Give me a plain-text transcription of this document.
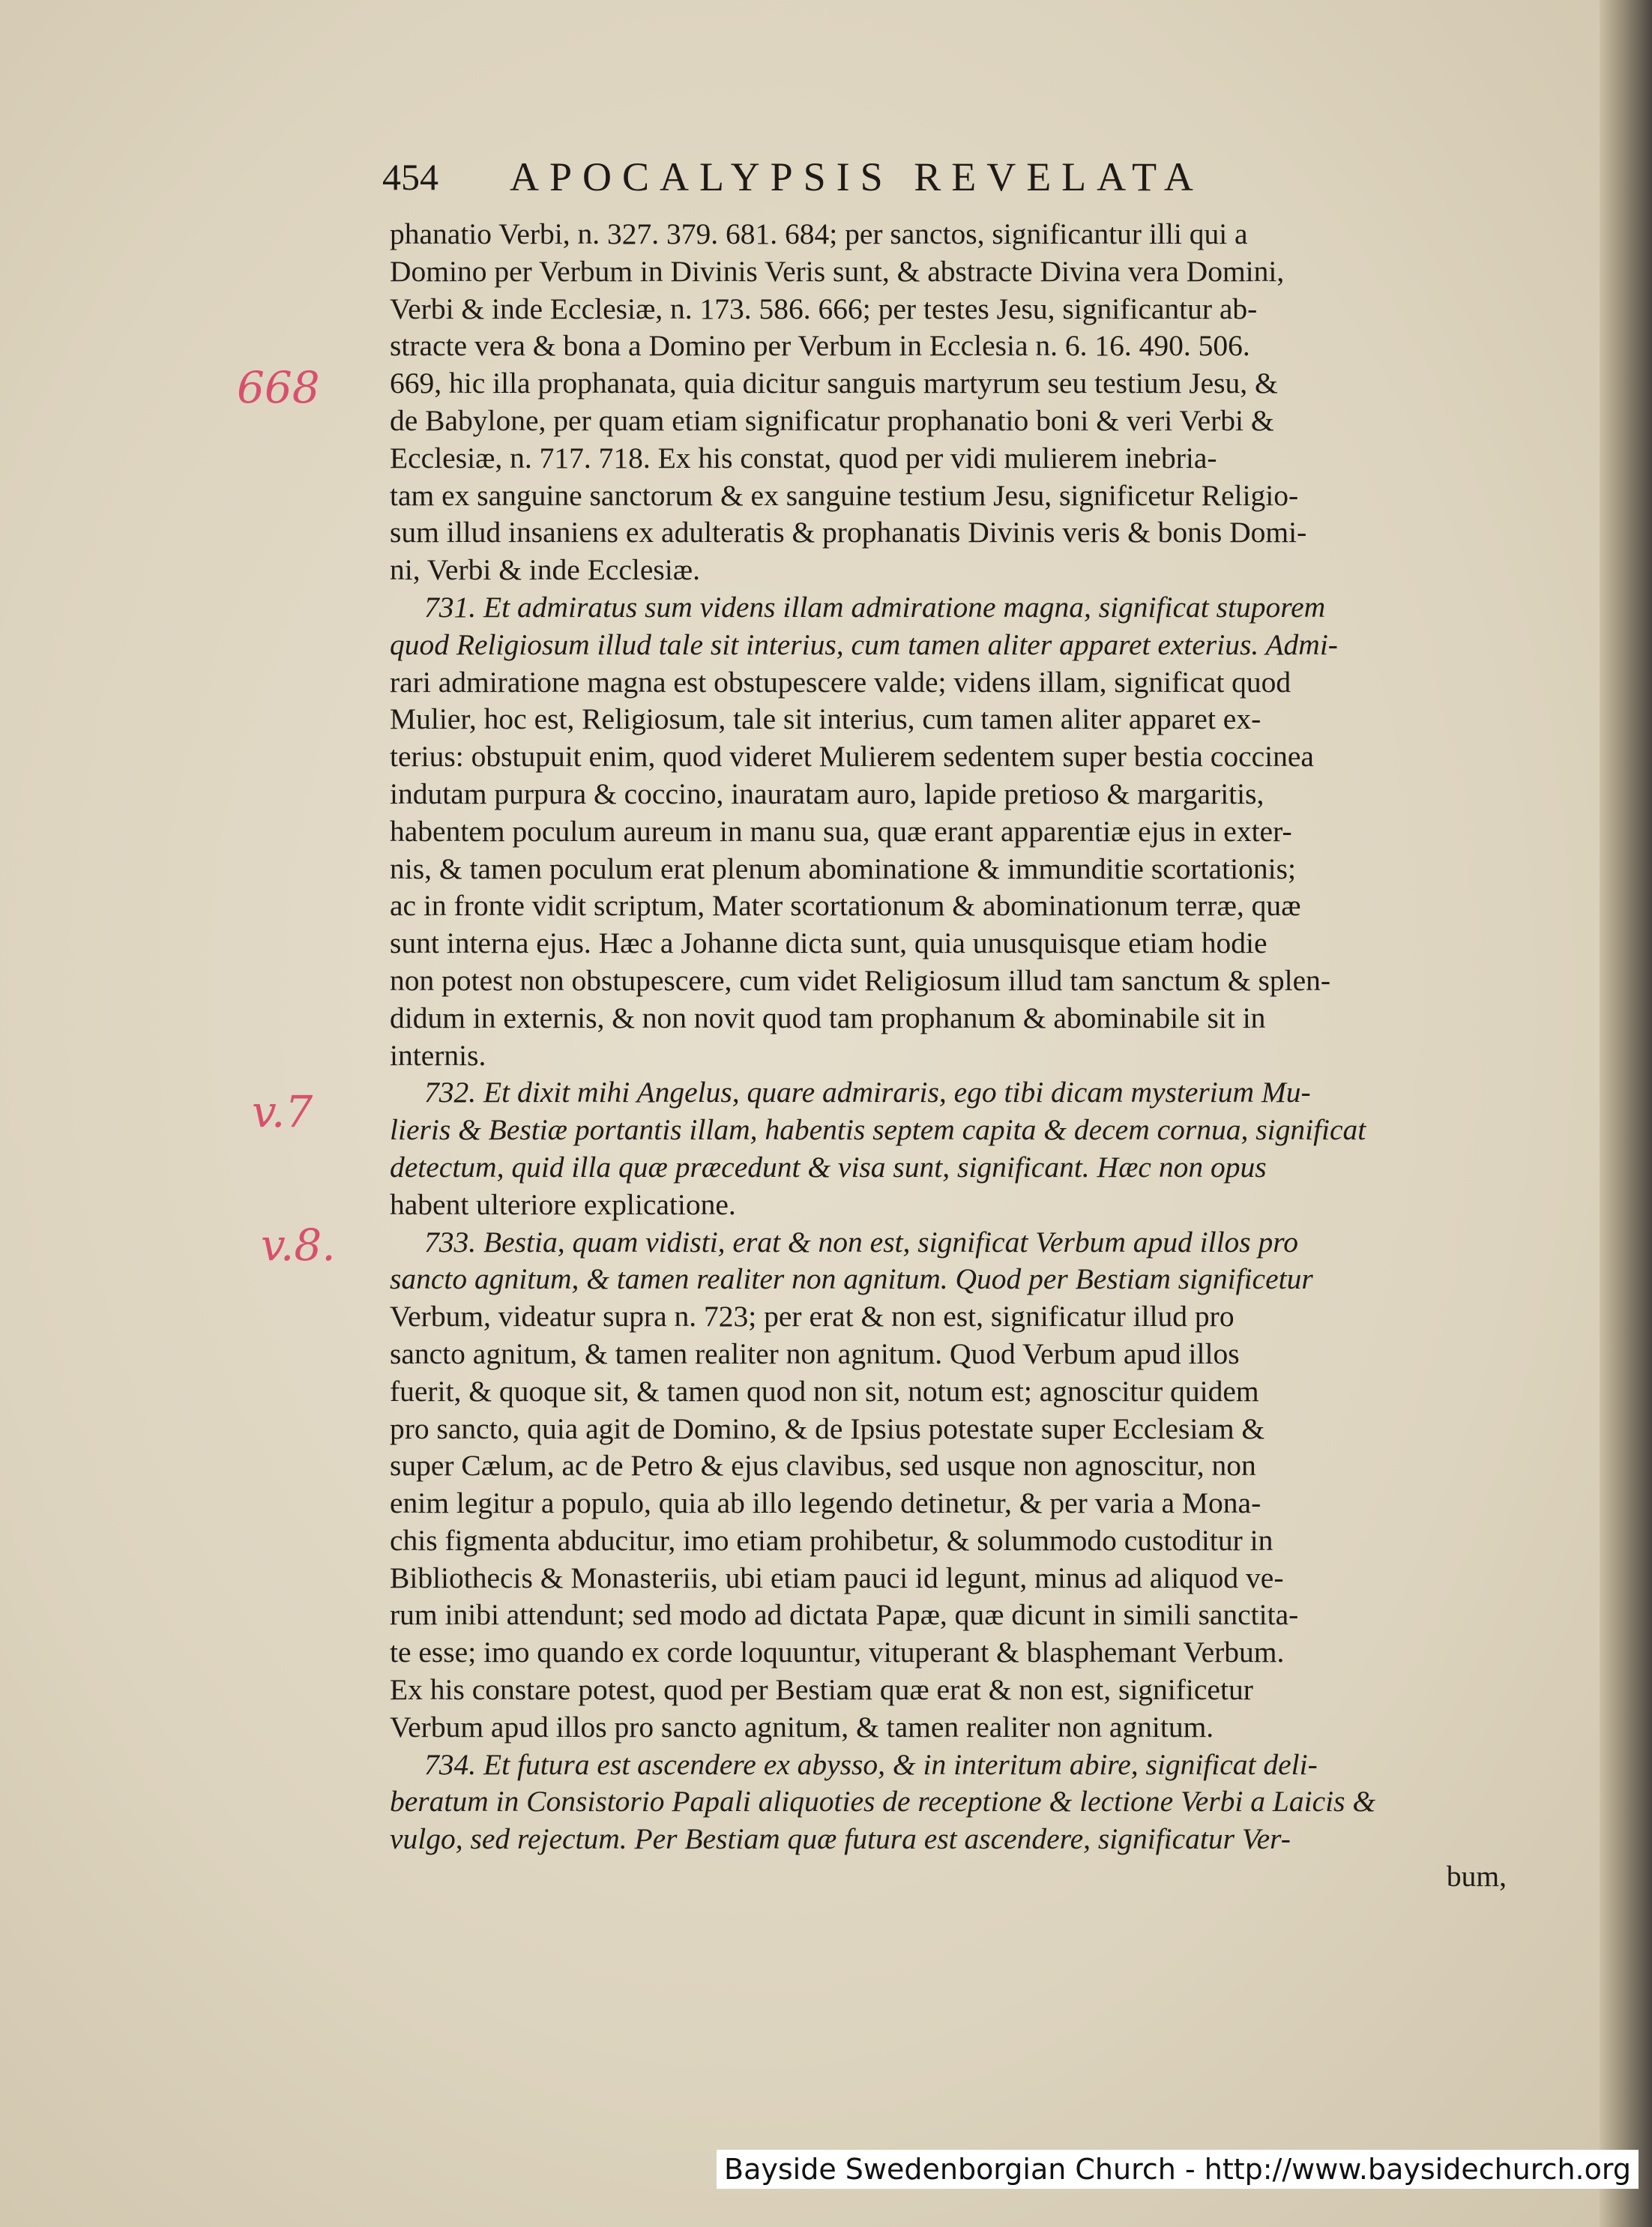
454 APOCALYPSIS REVELATA
668
v.7
v.8.
phanatio Verbi, n. 327. 379. 681. 684; per sanctos, significantur illi qui a
Domino per Verbum in Divinis Veris sunt, & abstracte Divina vera Domini,
Verbi & inde Ecclesiæ, n. 173. 586. 666; per testes Jesu, significantur ab-
stracte vera & bona a Domino per Verbum in Ecclesia n. 6. 16. 490. 506.
669, hic illa prophanata, quia dicitur sanguis martyrum seu testium Jesu, &
de Babylone, per quam etiam significatur prophanatio boni & veri Verbi &
Ecclesiæ, n. 717. 718. Ex his constat, quod per vidi mulierem inebria-
tam ex sanguine sanctorum & ex sanguine testium Jesu, significetur Religio-
sum illud insaniens ex adulteratis & prophanatis Divinis veris & bonis Domi-
ni, Verbi & inde Ecclesiæ.
731. Et admiratus sum videns illam admiratione magna, significat stuporem
quod Religiosum illud tale sit interius, cum tamen aliter apparet exterius. Admi-
rari admiratione magna est obstupescere valde; videns illam, significat quod
Mulier, hoc est, Religiosum, tale sit interius, cum tamen aliter apparet ex-
terius: obstupuit enim, quod videret Mulierem sedentem super bestia coccinea
indutam purpura & coccino, inauratam auro, lapide pretioso & margaritis,
habentem poculum aureum in manu sua, quæ erant apparentiæ ejus in exter-
nis, & tamen poculum erat plenum abominatione & immunditie scortationis;
ac in fronte vidit scriptum, Mater scortationum & abominationum terræ, quæ
sunt interna ejus. Hæc a Johanne dicta sunt, quia unusquisque etiam hodie
non potest non obstupescere, cum videt Religiosum illud tam sanctum & splen-
didum in externis, & non novit quod tam prophanum & abominabile sit in
internis.
732. Et dixit mihi Angelus, quare admiraris, ego tibi dicam mysterium Mu-
lieris & Bestiæ portantis illam, habentis septem capita & decem cornua, significat
detectum, quid illa quæ præcedunt & visa sunt, significant. Hæc non opus
habent ulteriore explicatione.
733. Bestia, quam vidisti, erat & non est, significat Verbum apud illos pro
sancto agnitum, & tamen realiter non agnitum. Quod per Bestiam significetur
Verbum, videatur supra n. 723; per erat & non est, significatur illud pro
sancto agnitum, & tamen realiter non agnitum. Quod Verbum apud illos
fuerit, & quoque sit, & tamen quod non sit, notum est; agnoscitur quidem
pro sancto, quia agit de Domino, & de Ipsius potestate super Ecclesiam &
super Cælum, ac de Petro & ejus clavibus, sed usque non agnoscitur, non
enim legitur a populo, quia ab illo legendo detinetur, & per varia a Mona-
chis figmenta abducitur, imo etiam prohibetur, & solummodo custoditur in
Bibliothecis & Monasteriis, ubi etiam pauci id legunt, minus ad aliquod ve-
rum inibi attendunt; sed modo ad dictata Papæ, quæ dicunt in simili sanctita-
te esse; imo quando ex corde loquuntur, vituperant & blasphemant Verbum.
Ex his constare potest, quod per Bestiam quæ erat & non est, significetur
Verbum apud illos pro sancto agnitum, & tamen realiter non agnitum.
734. Et futura est ascendere ex abysso, & in interitum abire, significat deli-
beratum in Consistorio Papali aliquoties de receptione & lectione Verbi a Laicis &
vulgo, sed rejectum. Per Bestiam quæ futura est ascendere, significatur Ver-
bum,
Bayside Swedenborgian Church - http://www.baysidechurch.org
